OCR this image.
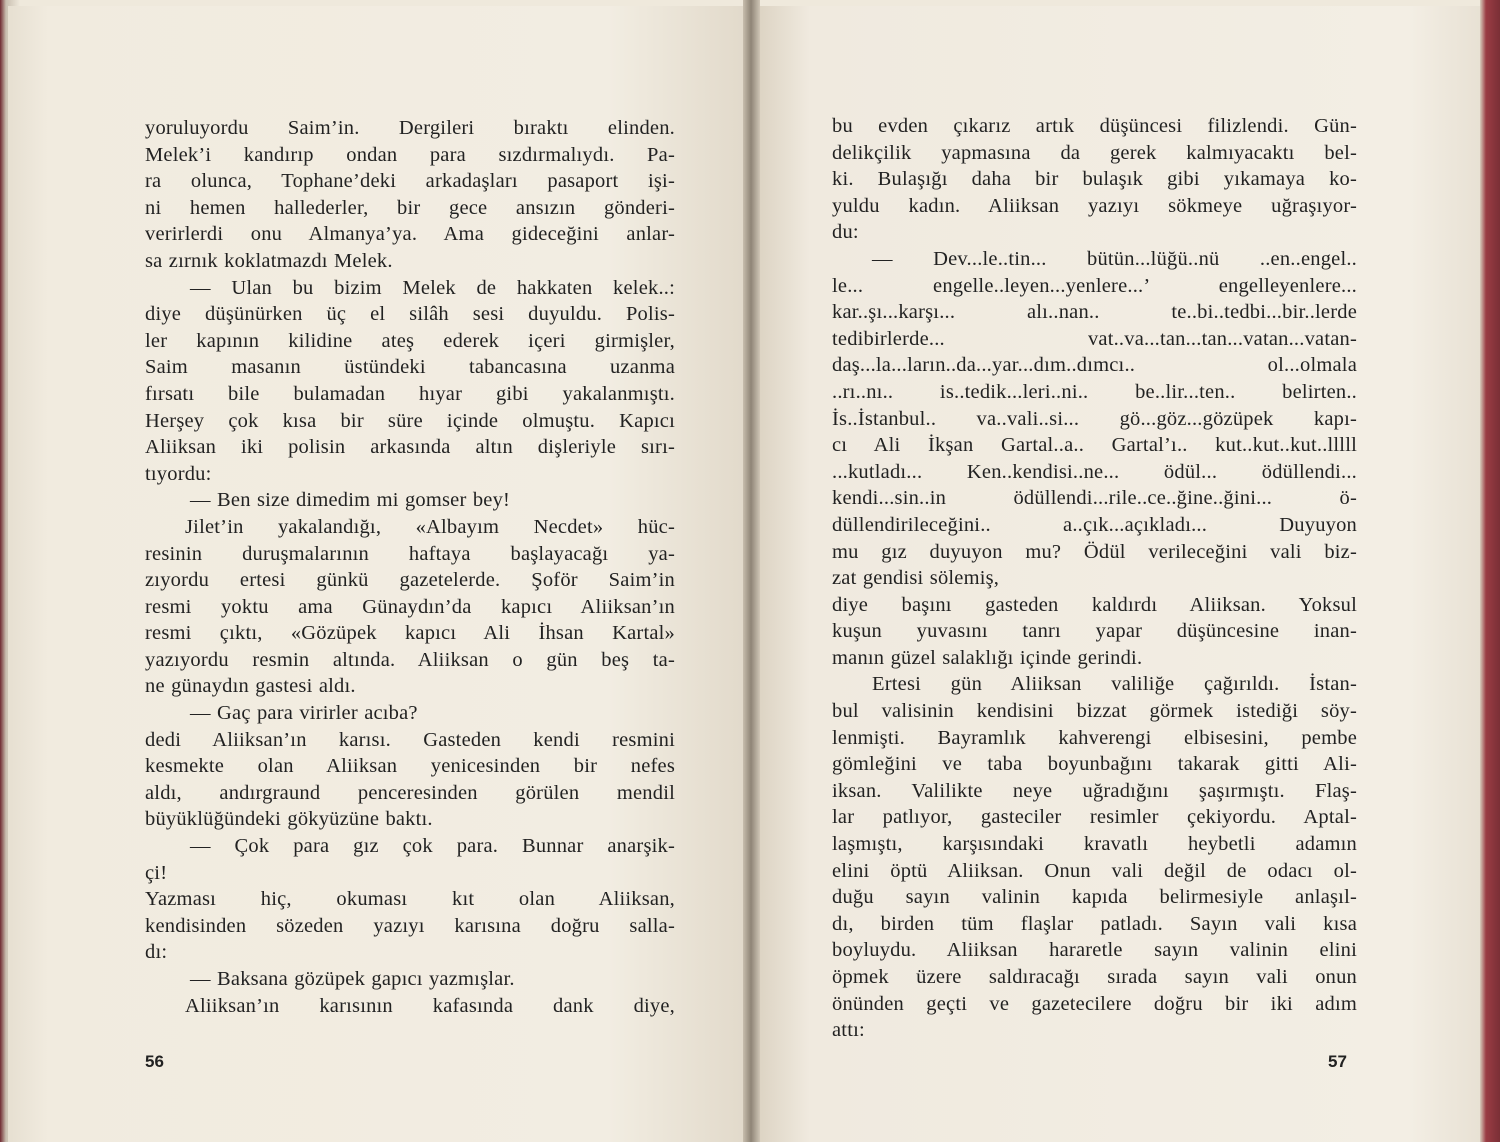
yoruluyordu Saim’in. Dergileri bıraktı elinden.
Melek’i kandırıp ondan para sızdırmalıydı. Pa-
ra olunca, Tophane’deki arkadaşları pasaport işi-
ni hemen hallederler, bir gece ansızın gönderi-
verirlerdi onu Almanya’ya. Ama gideceğini anlar-
sa zırnık koklatmazdı Melek.
— Ulan bu bizim Melek de hakkaten kelek..:
diye düşünürken üç el silâh sesi duyuldu. Polis-
ler kapının kilidine ateş ederek içeri girmişler,
Saim masanın üstündeki tabancasına uzanma
fırsatı bile bulamadan hıyar gibi yakalanmıştı.
Herşey çok kısa bir süre içinde olmuştu. Kapıcı
Aliiksan iki polisin arkasında altın dişleriyle sırı-
tıyordu:
— Ben size dimedim mi gomser bey!
Jilet’in yakalandığı, «Albayım Necdet» hüc-
resinin duruşmalarının haftaya başlayacağı ya-
zıyordu ertesi günkü gazetelerde. Şoför Saim’in
resmi yoktu ama Günaydın’da kapıcı Aliiksan’ın
resmi çıktı, «Gözüpek kapıcı Ali İhsan Kartal»
yazıyordu resmin altında. Aliiksan o gün beş ta-
ne günaydın gastesi aldı.
— Gaç para virirler acıba?
dedi Aliiksan’ın karısı. Gasteden kendi resmini
kesmekte olan Aliiksan yenicesinden bir nefes
aldı, andırgraund penceresinden görülen mendil
büyüklüğündeki gökyüzüne baktı.
— Çok para gız çok para. Bunnar anarşik-
çi!
Yazması hiç, okuması kıt olan Aliiksan,
kendisinden sözeden yazıyı karısına doğru salla-
dı:
— Baksana gözüpek gapıcı yazmışlar.
Aliiksan’ın karısının kafasında dank diye,
bu evden çıkarız artık düşüncesi filizlendi. Gün-
delikçilik yapmasına da gerek kalmıyacaktı bel-
ki. Bulaşığı daha bir bulaşık gibi yıkamaya ko-
yuldu kadın. Aliiksan yazıyı sökmeye uğraşıyor-
du:
— Dev...le..tin... bütün...lüğü..nü ..en..engel..
le... engelle..leyen...yenlere...’ engelleyenlere...
kar..şı...karşı... alı..nan.. te..bi..tedbi...bir..lerde
tedibirlerde... vat..va...tan...tan...vatan...vatan-
daş...la...ların..da...yar...dım..dımcı.. ol...olmala
..rı..nı.. is..tedik...leri..ni.. be..lir...ten.. belirten..
İs..İstanbul.. va..vali..si... gö...göz...gözüpek kapı-
cı Ali İkşan Gartal..a.. Gartal’ı.. kut..kut..kut..lllll
...kutladı... Ken..kendisi..ne... ödül... ödüllendi...
kendi...sin..in ödüllendi...rile..ce..ğine..ğini... ö-
düllendirileceğini.. a..çık...açıkladı... Duyuyon
mu gız duyuyon mu? Ödül verileceğini vali biz-
zat gendisi sölemiş,
diye başını gasteden kaldırdı Aliiksan. Yoksul
kuşun yuvasını tanrı yapar düşüncesine inan-
manın güzel salaklığı içinde gerindi.
Ertesi gün Aliiksan valiliğe çağırıldı. İstan-
bul valisinin kendisini bizzat görmek istediği söy-
lenmişti. Bayramlık kahverengi elbisesini, pembe
gömleğini ve taba boyunbağını takarak gitti Ali-
iksan. Valilikte neye uğradığını şaşırmıştı. Flaş-
lar patlıyor, gasteciler resimler çekiyordu. Aptal-
laşmıştı, karşısındaki kravatlı heybetli adamın
elini öptü Aliiksan. Onun vali değil de odacı ol-
duğu sayın valinin kapıda belirmesiyle anlaşıl-
dı, birden tüm flaşlar patladı. Sayın vali kısa
boyluydu. Aliiksan hararetle sayın valinin elini
öpmek üzere saldıracağı sırada sayın vali onun
önünden geçti ve gazetecilere doğru bir iki adım
attı:
56	57
